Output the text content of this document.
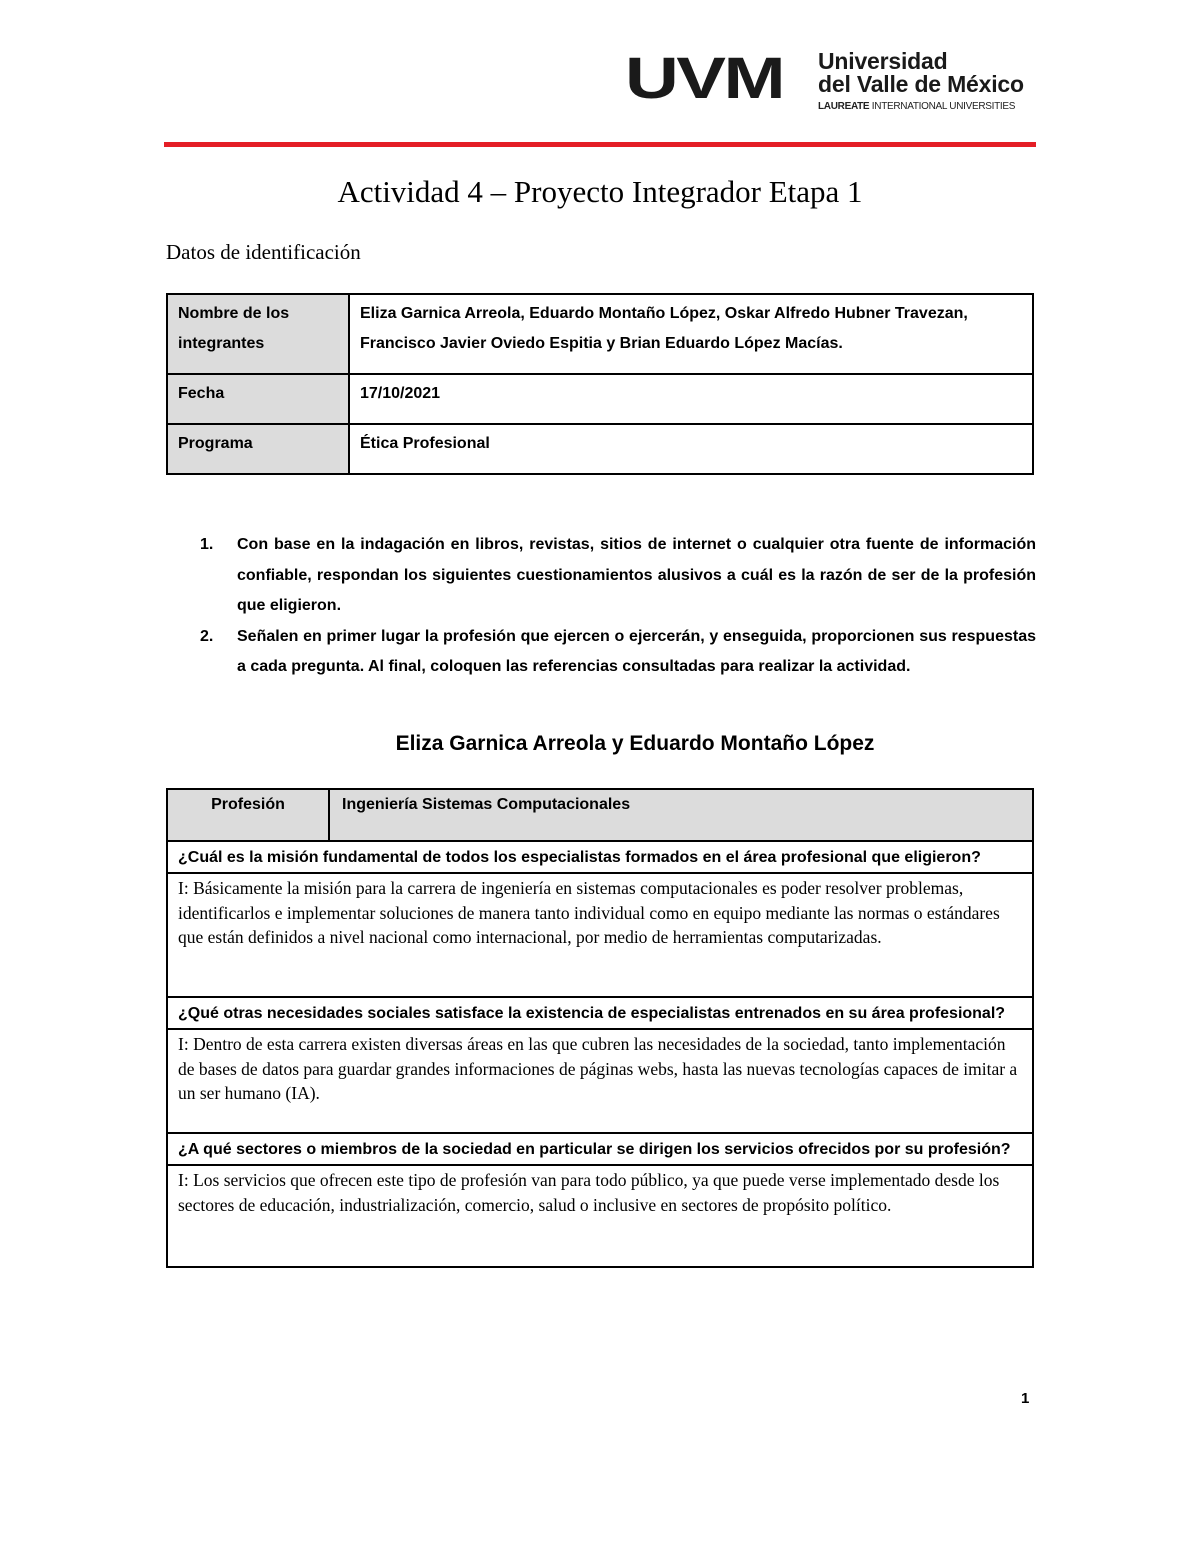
UVM Universidad
del Valle de México
LAUREATE INTERNATIONAL UNIVERSITIES
Actividad 4 – Proyecto Integrador Etapa 1
Datos de identificación
Nombre de los integrantes	Eliza Garnica Arreola, Eduardo Montaño López, Oskar Alfredo Hubner Travezan, Francisco Javier Oviedo Espitia y Brian Eduardo López Macías.
Fecha	17/10/2021
Programa	Ética Profesional
1. Con base en la indagación en libros, revistas, sitios de internet o cualquier otra fuente de información confiable, respondan los siguientes cuestionamientos alusivos a cuál es la razón de ser de la profesión que eligieron.
2. Señalen en primer lugar la profesión que ejercen o ejercerán, y enseguida, proporcionen sus respuestas a cada pregunta. Al final, coloquen las referencias consultadas para realizar la actividad.
Eliza Garnica Arreola y Eduardo Montaño López
Profesión	Ingeniería Sistemas Computacionales
¿Cuál es la misión fundamental de todos los especialistas formados en el área profesional que eligieron?
I: Básicamente la misión para la carrera de ingeniería en sistemas computacionales es poder resolver problemas, identificarlos e implementar soluciones de manera tanto individual como en equipo mediante las normas o estándares que están definidos a nivel nacional como internacional, por medio de herramientas computarizadas.
¿Qué otras necesidades sociales satisface la existencia de especialistas entrenados en su área profesional?
I: Dentro de esta carrera existen diversas áreas en las que cubren las necesidades de la sociedad, tanto implementación de bases de datos para guardar grandes informaciones de páginas webs, hasta las nuevas tecnologías capaces de imitar a un ser humano (IA).
¿A qué sectores o miembros de la sociedad en particular se dirigen los servicios ofrecidos por su profesión?
I: Los servicios que ofrecen este tipo de profesión van para todo público, ya que puede verse implementado desde los sectores de educación, industrialización, comercio, salud o inclusive en sectores de propósito político.
1
